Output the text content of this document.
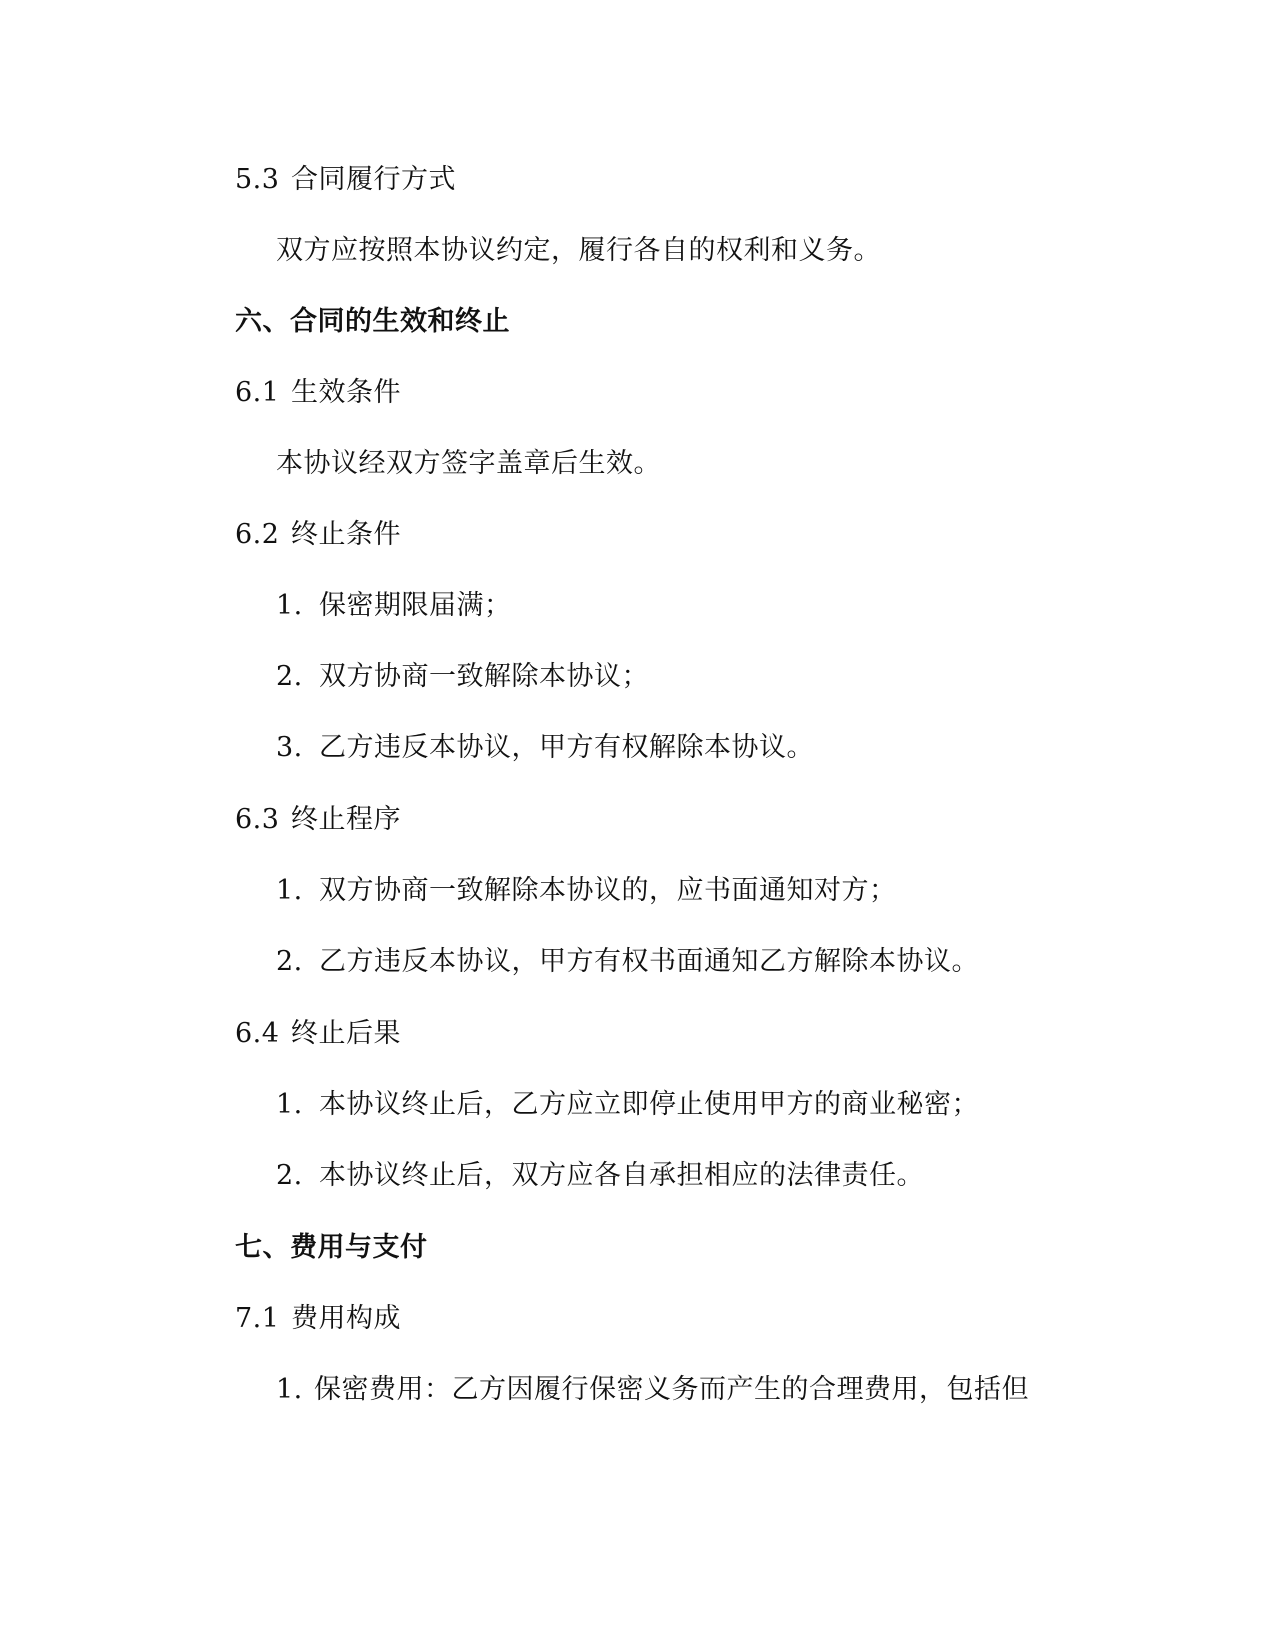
5.3 合同履行方式
双方应按照本协议约定，履行各自的权利和义务。
六、合同的生效和终止
6.1 生效条件
本协议经双方签字盖章后生效。
6.2 终止条件
1. 保密期限届满；
2. 双方协商一致解除本协议；
3. 乙方违反本协议，甲方有权解除本协议。
6.3 终止程序
1. 双方协商一致解除本协议的，应书面通知对方；
2. 乙方违反本协议，甲方有权书面通知乙方解除本协议。
6.4 终止后果
1. 本协议终止后，乙方应立即停止使用甲方的商业秘密；
2. 本协议终止后，双方应各自承担相应的法律责任。
七、费用与支付
7.1 费用构成
1. 保密费用：乙方因履行保密义务而产生的合理费用，包括但
